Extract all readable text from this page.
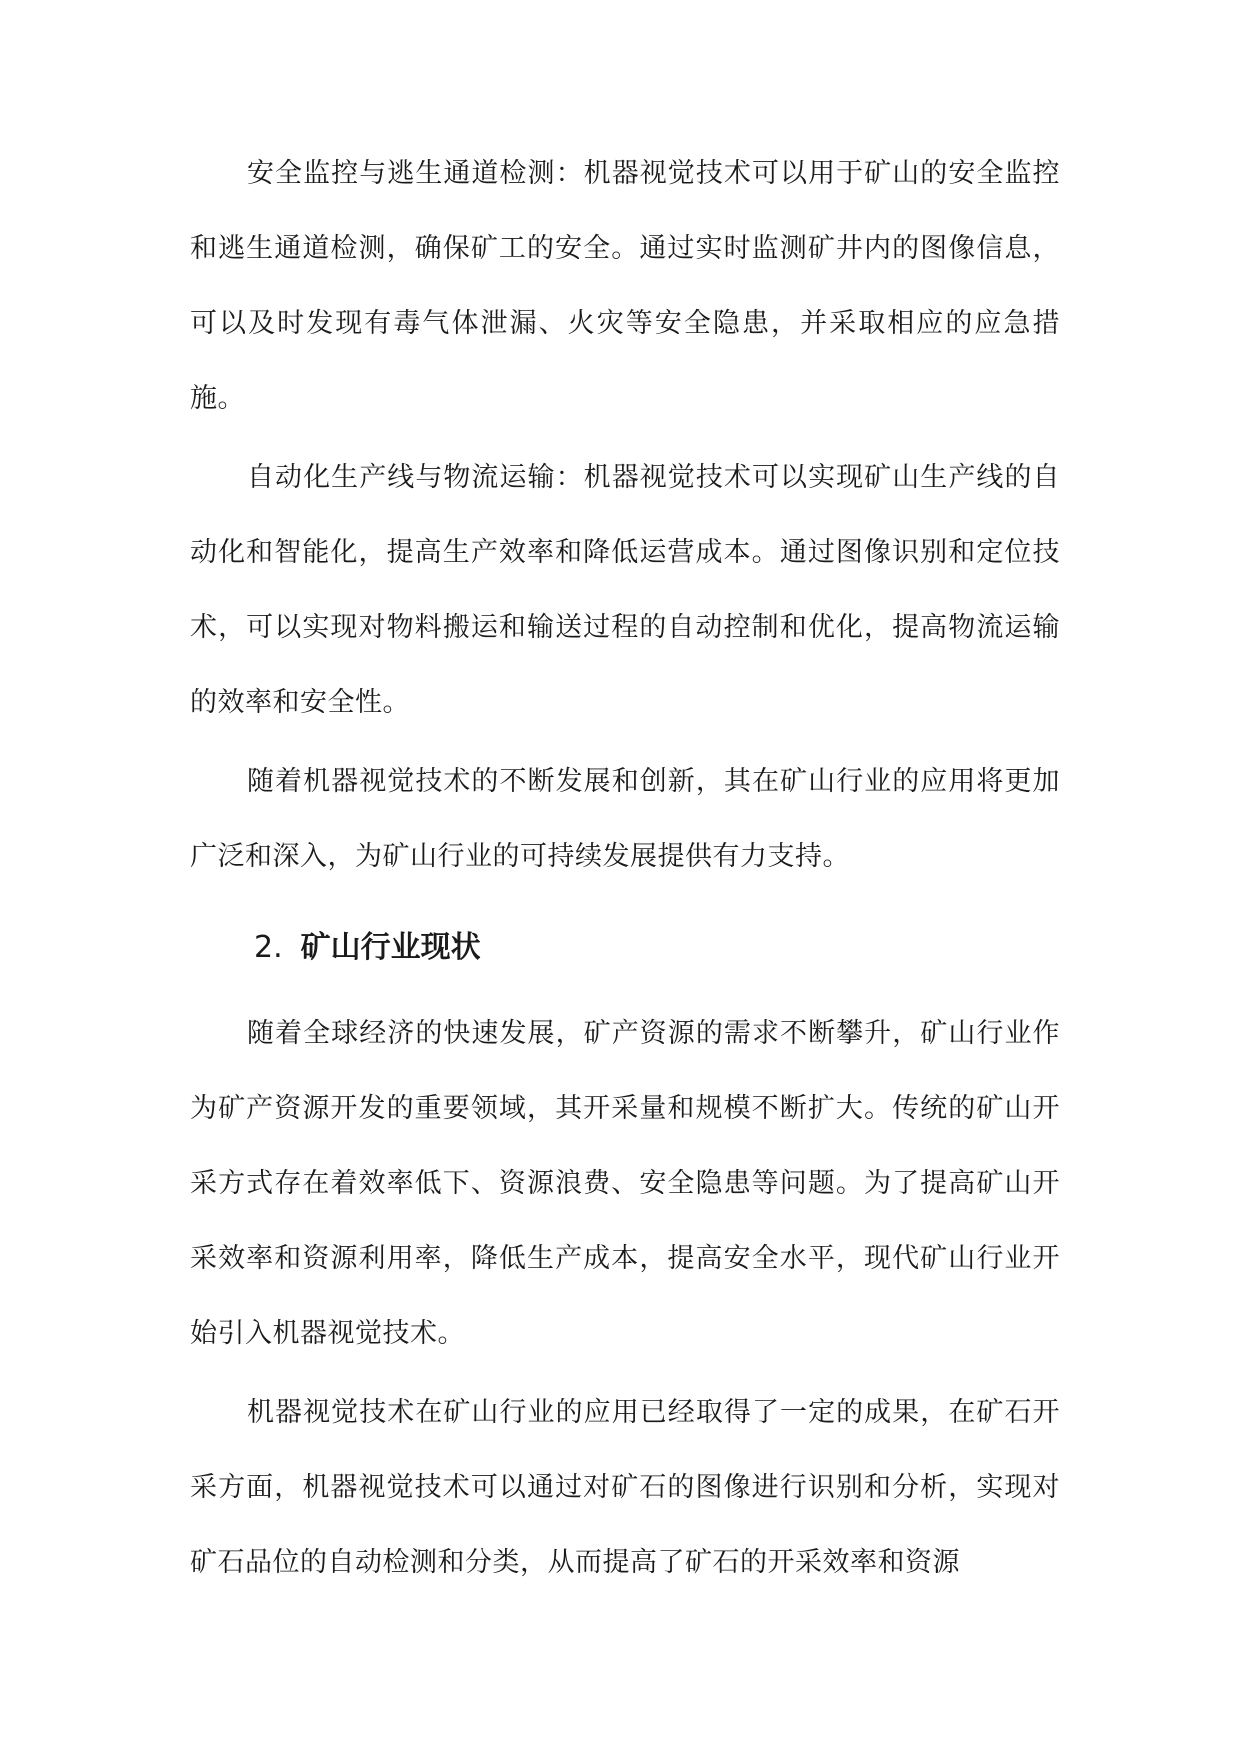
安全监控与逃生通道检测：机器视觉技术可以用于矿山的安全监控和逃生通道检测，确保矿工的安全。通过实时监测矿井内的图像信息，可以及时发现有毒气体泄漏、火灾等安全隐患，并采取相应的应急措施。

自动化生产线与物流运输：机器视觉技术可以实现矿山生产线的自动化和智能化，提高生产效率和降低运营成本。通过图像识别和定位技术，可以实现对物料搬运和输送过程的自动控制和优化，提高物流运输的效率和安全性。

随着机器视觉技术的不断发展和创新，其在矿山行业的应用将更加广泛和深入，为矿山行业的可持续发展提供有力支持。

2. 矿山行业现状

随着全球经济的快速发展，矿产资源的需求不断攀升，矿山行业作为矿产资源开发的重要领域，其开采量和规模不断扩大。传统的矿山开采方式存在着效率低下、资源浪费、安全隐患等问题。为了提高矿山开采效率和资源利用率，降低生产成本，提高安全水平，现代矿山行业开始引入机器视觉技术。

机器视觉技术在矿山行业的应用已经取得了一定的成果，在矿石开采方面，机器视觉技术可以通过对矿石的图像进行识别和分析，实现对矿石品位的自动检测和分类，从而提高了矿石的开采效率和资源
